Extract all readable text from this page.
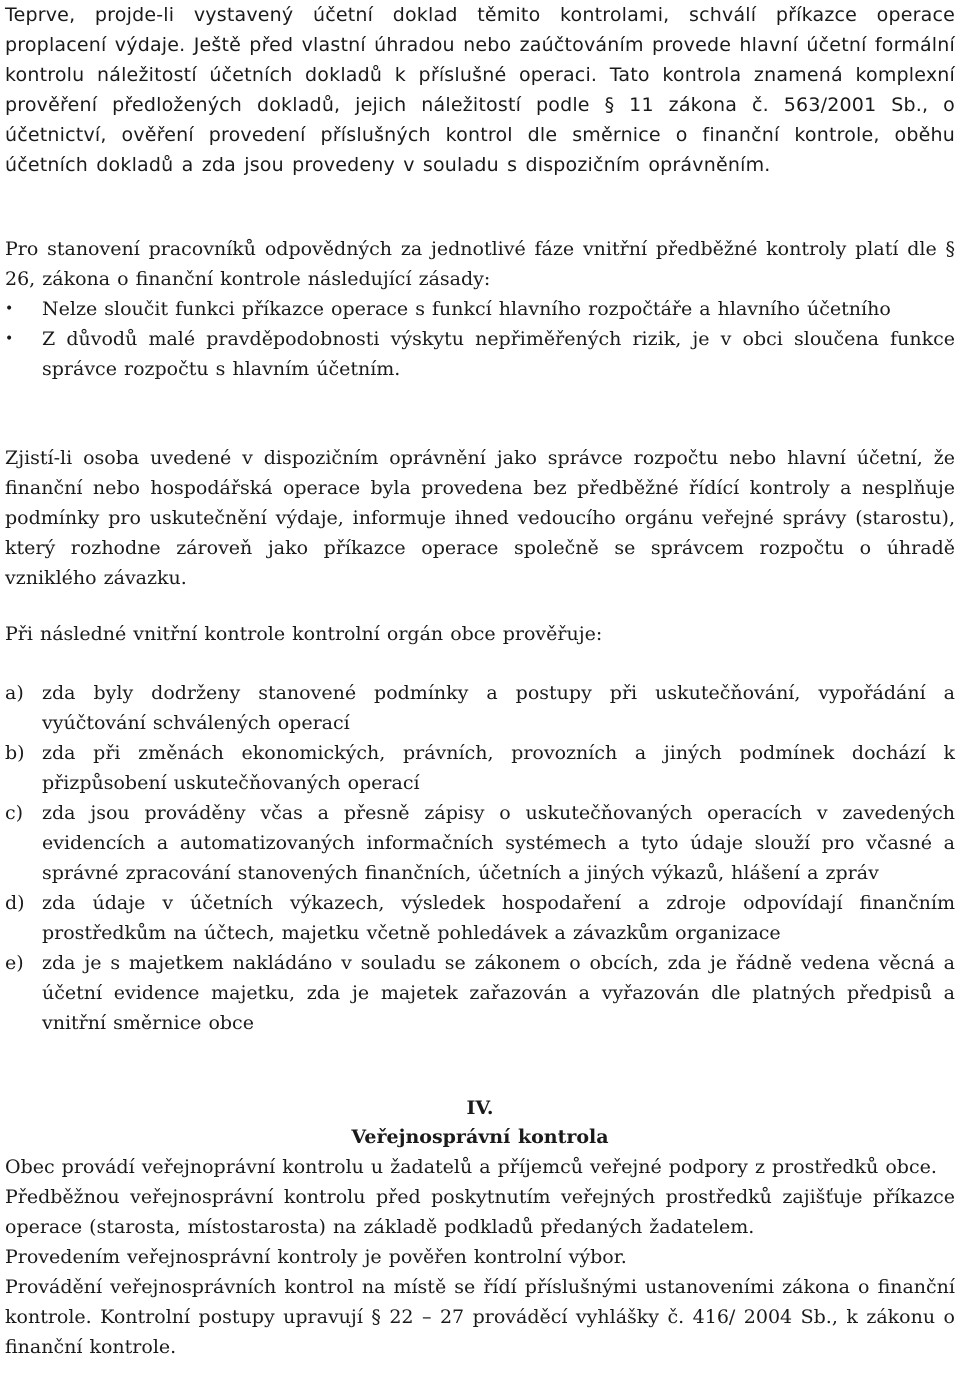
Teprve, projde-li vystavený účetní doklad těmito kontrolami, schválí příkazce operace proplacení výdaje. Ještě před vlastní úhradou nebo zaúčtováním provede hlavní účetní formální kontrolu náležitostí účetních dokladů k příslušné operaci. Tato kontrola znamená komplexní prověření předložených dokladů, jejich náležitostí podle § 11 zákona č. 563/2001 Sb., o účetnictví, ověření provedení příslušných kontrol dle směrnice o finanční kontrole, oběhu účetních dokladů a zda jsou provedeny v souladu s dispozičním oprávněním.

Pro stanovení pracovníků odpovědných za jednotlivé fáze vnitřní předběžné kontroly platí dle § 26, zákona o finanční kontrole následující zásady:

•	Nelze sloučit funkci příkazce operace s funkcí hlavního rozpočtáře a hlavního účetního
•	Z důvodů malé pravděpodobnosti výskytu nepřiměřených rizik, je v obci sloučena funkce správce rozpočtu s hlavním účetním.

Zjistí-li osoba uvedené v dispozičním oprávnění jako správce rozpočtu nebo hlavní účetní, že finanční nebo hospodářská operace byla provedena bez předběžné řídící kontroly a nesplňuje podmínky pro uskutečnění výdaje, informuje ihned vedoucího orgánu veřejné správy (starostu), který rozhodne zároveň jako příkazce operace společně se správcem rozpočtu o úhradě vzniklého závazku.

Při následné vnitřní kontrole kontrolní orgán obce prověřuje:

a) zda byly dodrženy stanovené podmínky a postupy při uskutečňování, vypořádání a vyúčtování schválených operací
b) zda při změnách ekonomických, právních, provozních a jiných podmínek dochází k přizpůsobení uskutečňovaných operací
c) zda jsou prováděny včas a přesně zápisy o uskutečňovaných operacích v zavedených evidencích a automatizovaných informačních systémech a tyto údaje slouží pro včasné a správné zpracování stanovených finančních, účetních a jiných výkazů, hlášení a zpráv
d) zda údaje v účetních výkazech, výsledek hospodaření a zdroje odpovídají finančním prostředkům na účtech, majetku včetně pohledávek a závazkům organizace
e) zda je s majetkem nakládáno v souladu se zákonem o obcích, zda je řádně vedena věcná a účetní evidence majetku, zda je majetek zařazován a vyřazován dle platných předpisů a vnitřní směrnice obce
IV.
Veřejnosprávní kontrola

Obec provádí veřejnoprávní kontrolu u žadatelů a příjemců veřejné podpory z prostředků obce.

Předběžnou veřejnosprávní kontrolu před poskytnutím veřejných prostředků zajišťuje příkazce operace (starosta, místostarosta) na základě podkladů předaných žadatelem.

Provedením veřejnosprávní kontroly je pověřen kontrolní výbor.

Provádění veřejnosprávních kontrol na místě se řídí příslušnými ustanoveními zákona o finanční kontrole. Kontrolní postupy upravují § 22 – 27 prováděcí vyhlášky č. 416/ 2004 Sb., k zákonu o finanční kontrole.
